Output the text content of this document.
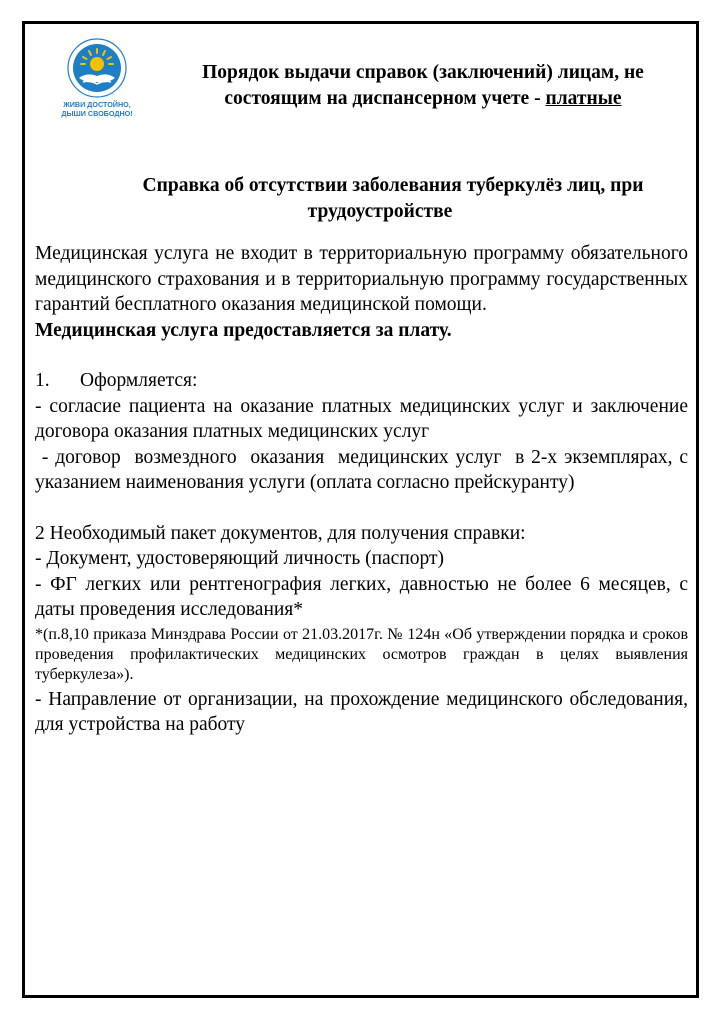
ЖИВИ ДОСТОЙНО,
ДЫШИ СВОБОДНО!
Порядок выдачи справок (заключений) лицам, не
состоящим на диспансерном учете - платные
Справка об отсутствии заболевания туберкулёз лиц, при
трудоустройстве

Медицинская услуга не входит в территориальную программу обязательного медицинского страхования и в территориальную программу государственных гарантий бесплатного оказания медицинской помощи.

Медицинская услуга предоставляется за плату.

1.	Оформляется:

- согласие пациента на оказание платных медицинских услуг и заключение договора оказания платных медицинских услуг

- договор  возмездного  оказания  медицинских услуг  в 2-х экземплярах, с указанием наименования услуги (оплата согласно прейскуранту)

2 Необходимый пакет документов, для получения справки:

- Документ, удостоверяющий личность (паспорт)

- ФГ легких или рентгенография легких, давностью не более 6 месяцев, с даты проведения исследования*

*(п.8,10 приказа Минздрава России от 21.03.2017г. № 124н «Об утверждении порядка и сроков проведения профилактических медицинских осмотров граждан в целях выявления туберкулеза»).

- Направление от организации, на прохождение медицинского обследования, для устройства на работу
